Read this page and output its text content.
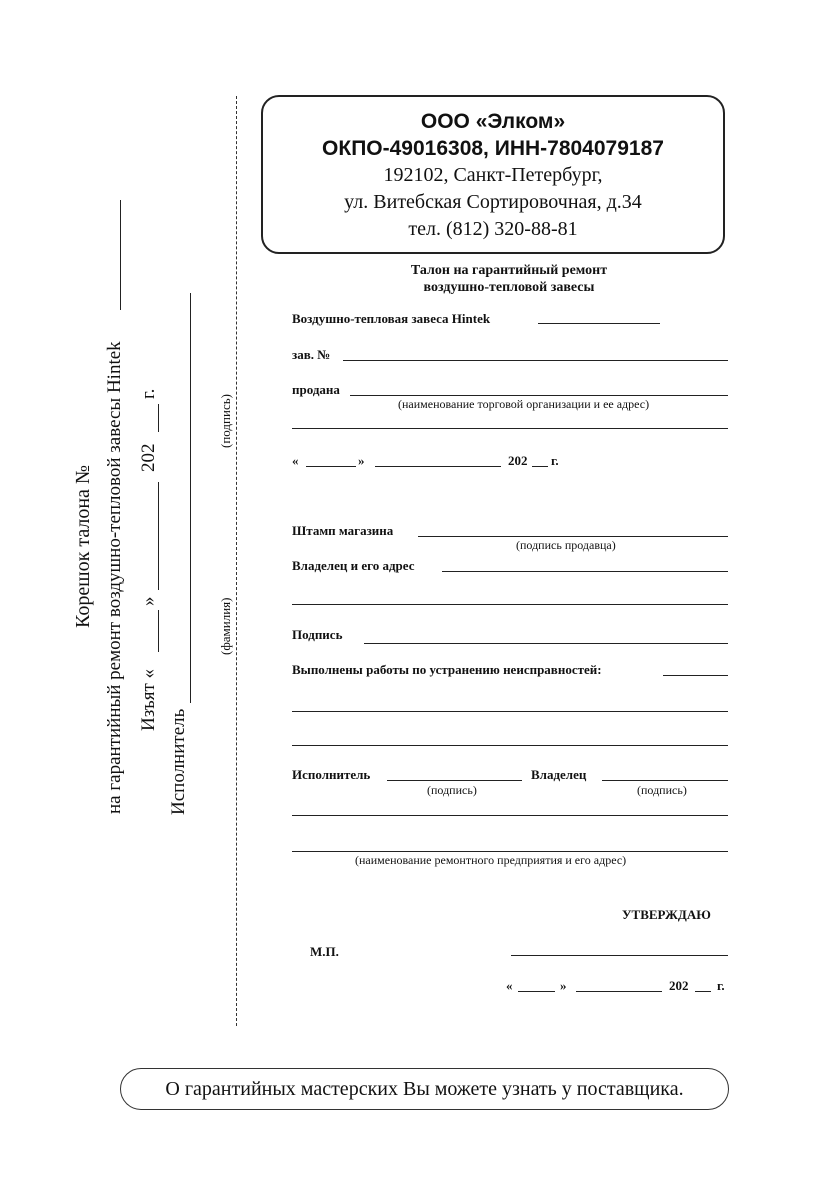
ООО «Элком»
ОКПО-49016308, ИНН-7804079187
192102, Санкт-Петербург,
ул. Витебская Сортировочная, д.34
тел. (812) 320-88-81
Талон на гарантийный ремонт
воздушно-тепловой завесы
Воздушно-тепловая завеса Hintek
зав. №
продана
(наименование торговой организации и ее адрес)
«	»	202 г.
Штамп магазина
(подпись продавца)
Владелец и его адрес
Подпись
Выполнены работы по устранению неисправностей:
Исполнитель
(подпись)
Владелец
(подпись)
(наименование ремонтного предприятия и его адрес)
УТВЕРЖДАЮ
М.П.
«	»	202 г.
Корешок талона № на гарантийный ремонт воздушно-тепловой завесы Hintek Изъят «
»
202
г.
Исполнитель
(фамилия)
(подпись)
О гарантийных мастерских Вы можете узнать у поставщика.
